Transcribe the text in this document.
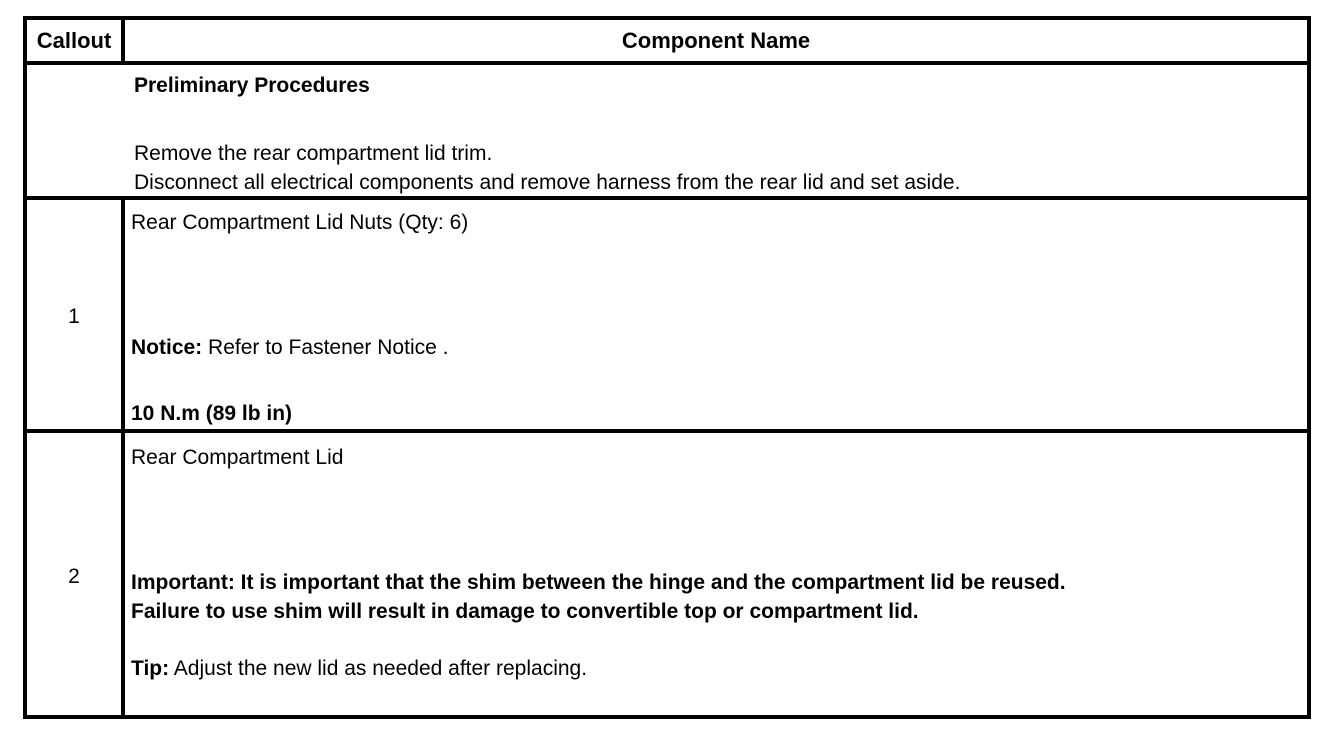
Callout	Component Name
Preliminary Procedures
Remove the rear compartment lid trim.
Disconnect all electrical components and remove harness from the rear lid and set aside.
1
Rear Compartment Lid Nuts (Qty: 6)
Notice: Refer to Fastener Notice .
10 N.m (89 lb in)
2
Rear Compartment Lid
Important: It is important that the shim between the hinge and the compartment lid be reused.
Failure to use shim will result in damage to convertible top or compartment lid.
Tip: Adjust the new lid as needed after replacing.
